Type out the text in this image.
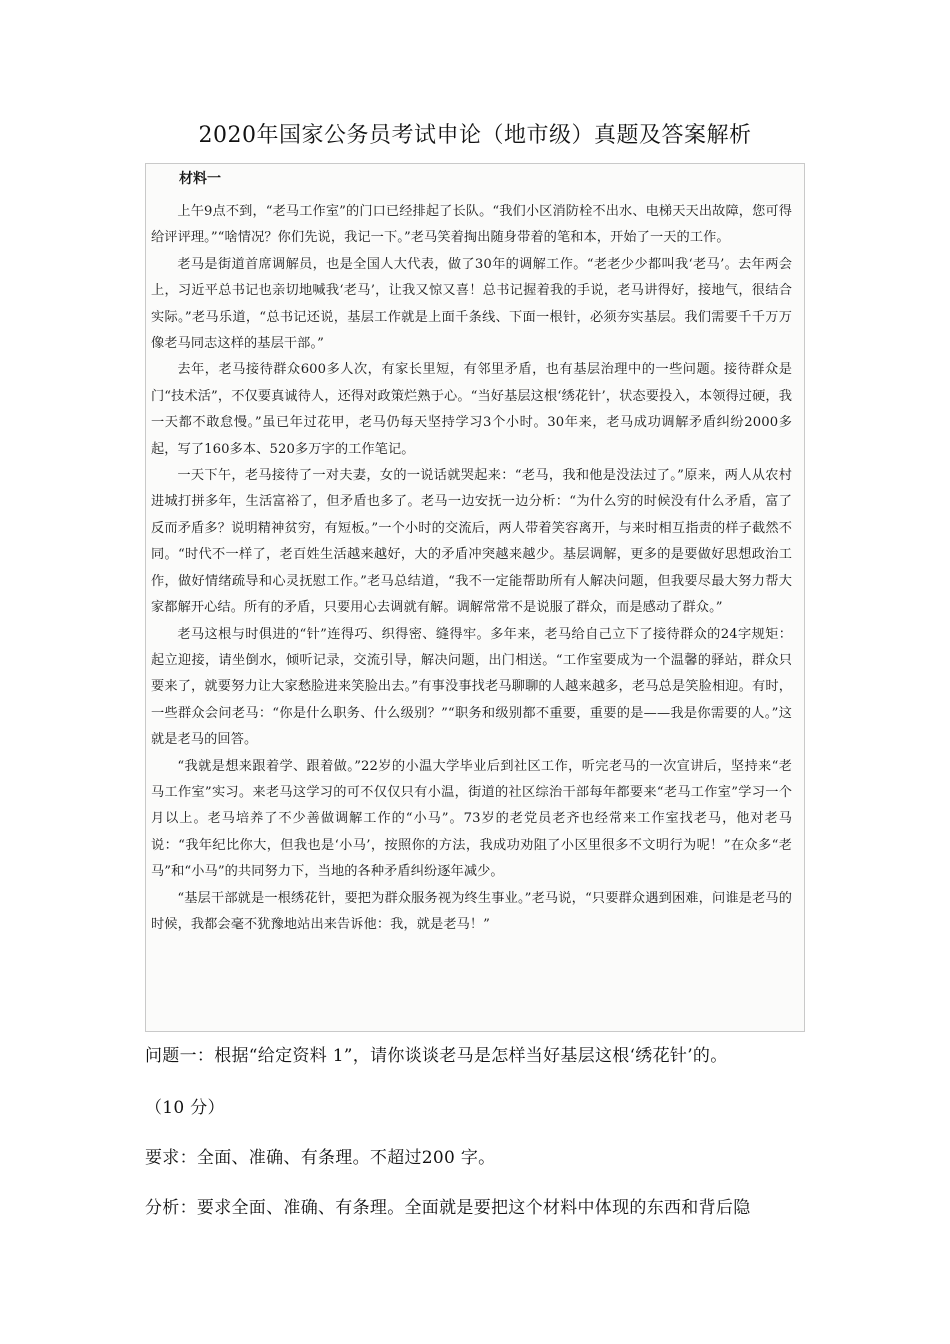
2020年国家公务员考试申论（地市级）真题及答案解析
材料一

上午9点不到，“老马工作室”的门口已经排起了长队。“我们小区消防栓不出水、电梯天天出故障，您可得给评评理。”“啥情况？你们先说，我记一下。”老马笑着掏出随身带着的笔和本，开始了一天的工作。

老马是街道首席调解员，也是全国人大代表，做了30年的调解工作。“老老少少都叫我‘老马’。去年两会上，习近平总书记也亲切地喊我‘老马’，让我又惊又喜！总书记握着我的手说，老马讲得好，接地气，很结合实际。”老马乐道，“总书记还说，基层工作就是上面千条线、下面一根针，必须夯实基层。我们需要千千万万像老马同志这样的基层干部。”

去年，老马接待群众600多人次，有家长里短，有邻里矛盾，也有基层治理中的一些问题。接待群众是门“技术活”，不仅要真诚待人，还得对政策烂熟于心。“当好基层这根‘绣花针’，状态要投入，本领得过硬，我一天都不敢怠慢。”虽已年过花甲，老马仍每天坚持学习3个小时。30年来，老马成功调解矛盾纠纷2000多起，写了160多本、520多万字的工作笔记。

一天下午，老马接待了一对夫妻，女的一说话就哭起来：“老马，我和他是没法过了。”原来，两人从农村进城打拼多年，生活富裕了，但矛盾也多了。老马一边安抚一边分析：“为什么穷的时候没有什么矛盾，富了反而矛盾多？说明精神贫穷，有短板。”一个小时的交流后，两人带着笑容离开，与来时相互指责的样子截然不同。“时代不一样了，老百姓生活越来越好，大的矛盾冲突越来越少。基层调解，更多的是要做好思想政治工作，做好情绪疏导和心灵抚慰工作。”老马总结道，“我不一定能帮助所有人解决问题，但我要尽最大努力帮大家都解开心结。所有的矛盾，只要用心去调就有解。调解常常不是说服了群众，而是感动了群众。”

老马这根与时俱进的“针”连得巧、织得密、缝得牢。多年来，老马给自己立下了接待群众的24字规矩：起立迎接，请坐倒水，倾听记录，交流引导，解决问题，出门相送。“工作室要成为一个温馨的驿站，群众只要来了，就要努力让大家愁脸进来笑脸出去。”有事没事找老马聊聊的人越来越多，老马总是笑脸相迎。有时，一些群众会问老马：“你是什么职务、什么级别？”“职务和级别都不重要，重要的是——我是你需要的人。”这就是老马的回答。

“我就是想来跟着学、跟着做。”22岁的小温大学毕业后到社区工作，听完老马的一次宣讲后，坚持来“老马工作室”实习。来老马这学习的可不仅仅只有小温，街道的社区综治干部每年都要来“老马工作室”学习一个月以上。老马培养了不少善做调解工作的“小马”。73岁的老党员老齐也经常来工作室找老马，他对老马说：“我年纪比你大，但我也是‘小马’，按照你的方法，我成功劝阻了小区里很多不文明行为呢！”在众多“老马”和“小马”的共同努力下，当地的各种矛盾纠纷逐年减少。

“基层干部就是一根绣花针，要把为群众服务视为终生事业。”老马说，“只要群众遇到困难，问谁是老马的时候，我都会毫不犹豫地站出来告诉他：我，就是老马！”

问题一：根据“给定资料 1”，请你谈谈老马是怎样当好基层这根‘绣花针’的。
（10 分）
要求：全面、准确、有条理。不超过200 字。
分析：要求全面、准确、有条理。全面就是要把这个材料中体现的东西和背后隐
